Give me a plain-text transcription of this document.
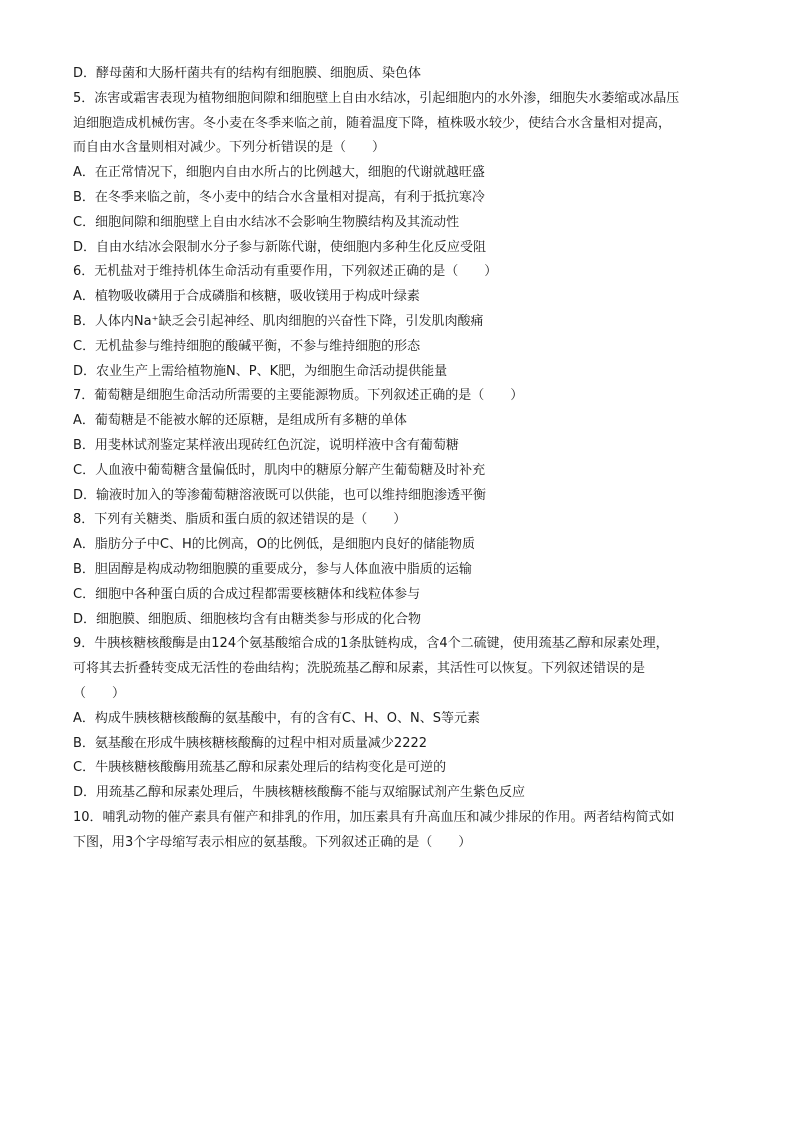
D．酵母菌和大肠杆菌共有的结构有细胞膜、细胞质、染色体
5．冻害或霜害表现为植物细胞间隙和细胞壁上自由水结冰，引起细胞内的水外渗，细胞失水萎缩或冰晶压
迫细胞造成机械伤害。冬小麦在冬季来临之前，随着温度下降，植株吸水较少，使结合水含量相对提高，
而自由水含量则相对减少。下列分析错误的是（　　）
A．在正常情况下，细胞内自由水所占的比例越大，细胞的代谢就越旺盛
B．在冬季来临之前，冬小麦中的结合水含量相对提高，有利于抵抗寒冷
C．细胞间隙和细胞壁上自由水结冰不会影响生物膜结构及其流动性
D．自由水结冰会限制水分子参与新陈代谢，使细胞内多种生化反应受阻
6．无机盐对于维持机体生命活动有重要作用，下列叙述正确的是（　　）
A．植物吸收磷用于合成磷脂和核糖，吸收镁用于构成叶绿素
B．人体内Na⁺缺乏会引起神经、肌肉细胞的兴奋性下降，引发肌肉酸痛
C．无机盐参与维持细胞的酸碱平衡，不参与维持细胞的形态
D．农业生产上需给植物施N、P、K肥，为细胞生命活动提供能量
7．葡萄糖是细胞生命活动所需要的主要能源物质。下列叙述正确的是（　　）
A．葡萄糖是不能被水解的还原糖，是组成所有多糖的单体
B．用斐林试剂鉴定某样液出现砖红色沉淀，说明样液中含有葡萄糖
C．人血液中葡萄糖含量偏低时，肌肉中的糖原分解产生葡萄糖及时补充
D．输液时加入的等渗葡萄糖溶液既可以供能，也可以维持细胞渗透平衡
8．下列有关糖类、脂质和蛋白质的叙述错误的是（　　）
A．脂肪分子中C、H的比例高，O的比例低，是细胞内良好的储能物质
B．胆固醇是构成动物细胞膜的重要成分，参与人体血液中脂质的运输
C．细胞中各种蛋白质的合成过程都需要核糖体和线粒体参与
D．细胞膜、细胞质、细胞核均含有由糖类参与形成的化合物
9．牛胰核糖核酸酶是由124个氨基酸缩合成的1条肽链构成，含4个二硫键，使用巯基乙醇和尿素处理，
可将其去折叠转变成无活性的卷曲结构；洗脱巯基乙醇和尿素，其活性可以恢复。下列叙述错误的是
（　　）
A．构成牛胰核糖核酸酶的氨基酸中，有的含有C、H、O、N、S等元素
B．氨基酸在形成牛胰核糖核酸酶的过程中相对质量减少2222
C．牛胰核糖核酸酶用巯基乙醇和尿素处理后的结构变化是可逆的
D．用巯基乙醇和尿素处理后，牛胰核糖核酸酶不能与双缩脲试剂产生紫色反应
10．哺乳动物的催产素具有催产和排乳的作用，加压素具有升高血压和减少排尿的作用。两者结构简式如
下图，用3个字母缩写表示相应的氨基酸。下列叙述正确的是（　　）
